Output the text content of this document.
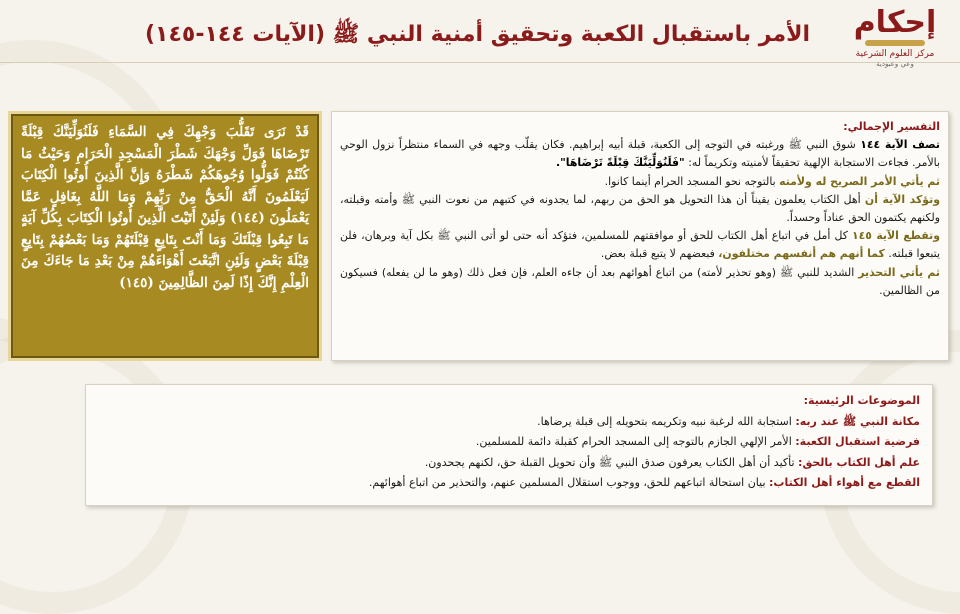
إحكام
مركز العلوم الشرعية
وعي وعبودية
الأمر باستقبال الكعبة وتحقيق أمنية النبي ﷺ (الآيات ١٤٤-١٤٥)
قَدْ نَرَى تَقَلُّبَ وَجْهِكَ فِي السَّمَاءِ فَلَنُوَلِّيَنَّكَ قِبْلَةً تَرْضَاهَا فَوَلِّ وَجْهَكَ شَطْرَ الْمَسْجِدِ الْحَرَامِ وَحَيْثُ مَا كُنْتُمْ فَوَلُّوا وُجُوهَكُمْ شَطْرَهُ وَإِنَّ الَّذِينَ أُوتُوا الْكِتَابَ لَيَعْلَمُونَ أَنَّهُ الْحَقُّ مِنْ رَبِّهِمْ وَمَا اللَّهُ بِغَافِلٍ عَمَّا يَعْمَلُونَ (١٤٤) وَلَئِنْ أَتَيْتَ الَّذِينَ أُوتُوا الْكِتَابَ بِكُلِّ آيَةٍ مَا تَبِعُوا قِبْلَتَكَ وَمَا أَنْتَ بِتَابِعٍ قِبْلَتَهُمْ وَمَا بَعْضُهُمْ بِتَابِعٍ قِبْلَةَ بَعْضٍ وَلَئِنِ اتَّبَعْتَ أَهْوَاءَهُمْ مِنْ بَعْدِ مَا جَاءَكَ مِنَ الْعِلْمِ إِنَّكَ إِذًا لَمِنَ الظَّالِمِينَ (١٤٥)

التفسير الإجمالي:

تصف الآية ١٤٤ شوق النبي ﷺ ورغبته في التوجه إلى الكعبة، قبلة أبيه إبراهيم. فكان يقلّب وجهه في السماء منتظراً نزول الوحي بالأمر. فجاءت الاستجابة الإلهية تحقيقاً لأمنيته وتكريماً له: "فَلَنُوَلِّيَنَّكَ قِبْلَةً تَرْضَاهَا".

ثم يأتي الأمر الصريح له ولأمته بالتوجه نحو المسجد الحرام أينما كانوا.

وتؤكد الآية أن أهل الكتاب يعلمون يقيناً أن هذا التحويل هو الحق من ربهم، لما يجدونه في كتبهم من نعوت النبي ﷺ وأمته وقبلته، ولكنهم يكتمون الحق عناداً وحسداً.

وتقطع الآية ١٤٥ كل أمل في اتباع أهل الكتاب للحق أو موافقتهم للمسلمين، فتؤكد أنه حتى لو أتى النبي ﷺ بكل آية وبرهان، فلن يتبعوا قبلته. كما أنهم هم أنفسهم مختلفون، فبعضهم لا يتبع قبلة بعض.

ثم يأتي التحذير الشديد للنبي ﷺ (وهو تحذير لأمته) من اتباع أهوائهم بعد أن جاءه العلم، فإن فعل ذلك (وهو ما لن يفعله) فسيكون من الظالمين.

الموضوعات الرئيسية:

مكانة النبي ﷺ عند ربه: استجابة الله لرغبة نبيه وتكريمه بتحويله إلى قبلة يرضاها.

فرضية استقبال الكعبة: الأمر الإلهي الجازم بالتوجه إلى المسجد الحرام كقبلة دائمة للمسلمين.

علم أهل الكتاب بالحق: تأكيد أن أهل الكتاب يعرفون صدق النبي ﷺ وأن تحويل القبلة حق، لكنهم يجحدون.

القطع مع أهواء أهل الكتاب: بيان استحالة اتباعهم للحق، ووجوب استقلال المسلمين عنهم، والتحذير من اتباع أهوائهم.
